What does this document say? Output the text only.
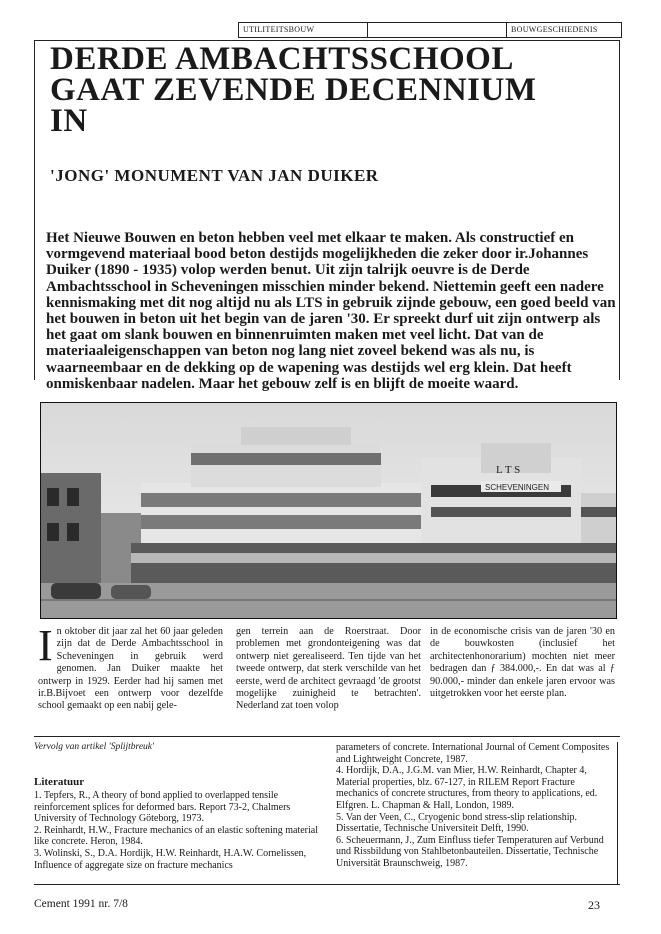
UTILITEITSBOUW	BOUWGESCHIEDENIS
DERDE AMBACHTSSCHOOL
GAAT ZEVENDE DECENNIUM
IN
'JONG' MONUMENT VAN JAN DUIKER
Het Nieuwe Bouwen en beton hebben veel met elkaar te maken. Als constructief en vormgevend materiaal bood beton destijds mogelijkheden die zeker door ir.Johannes Duiker (1890 - 1935) volop werden benut. Uit zijn talrijk oeuvre is de Derde Ambachtsschool in Scheveningen misschien minder bekend. Niettemin geeft een nadere kennismaking met dit nog altijd nu als LTS in gebruik zijnde gebouw, een goed beeld van het bouwen in beton uit het begin van de jaren '30. Er spreekt durf uit zijn ontwerp als het gaat om slank bouwen en binnenruimten maken met veel licht. Dat van de materiaaleigenschappen van beton nog lang niet zoveel bekend was als nu, is waarneembaar en de dekking op de wapening was destijds wel erg klein. Dat heeft onmiskenbaar nadelen. Maar het gebouw zelf is en blijft de moeite waard.
L T S
SCHEVENINGEN
In oktober dit jaar zal het 60 jaar geleden zijn dat de Derde Ambachtsschool in Scheveningen in gebruik werd genomen. Jan Duiker maakte het ontwerp in 1929. Eerder had hij samen met ir.B.Bijvoet een ontwerp voor dezelfde school gemaakt op een nabij gele-
gen terrein aan de Roerstraat. Door problemen met grondonteigening was dat ontwerp niet gerealiseerd. Ten tijde van het tweede ontwerp, dat sterk verschilde van het eerste, werd de architect gevraagd 'de grootst mogelijke zuinigheid te betrachten'. Nederland zat toen volop
in de economische crisis van de jaren '30 en de bouwkosten (inclusief het architectenhonorarium) mochten niet meer bedragen dan ƒ 384.000,-. En dat was al ƒ 90.000,- minder dan enkele jaren ervoor was uitgetrokken voor het eerste plan.
Vervolg van artikel 'Splijtbreuk'
Literatuur
1. Tepfers, R., A theory of bond applied to overlapped tensile reinforcement splices for deformed bars. Report 73-2, Chalmers University of Technology Göteborg, 1973.
2. Reinhardt, H.W., Fracture mechanics of an elastic softening material like concrete. Heron, 1984.
3. Wolinski, S., D.A. Hordijk, H.W. Reinhardt, H.A.W. Cornelissen, Influence of aggregate size on fracture mechanics
parameters of concrete. International Journal of Cement Composites and Lightweight Concrete, 1987.
4. Hordijk, D.A., J.G.M. van Mier, H.W. Reinhardt, Chapter 4, Material properties, blz. 67-127, in RILEM Report Fracture mechanics of concrete structures, from theory to applications, ed. Elfgren. L. Chapman & Hall, London, 1989.
5. Van der Veen, C., Cryogenic bond stress-slip relationship. Dissertatie, Technische Universiteit Delft, 1990.
6. Scheuermann, J., Zum Einfluss tiefer Temperaturen auf Verbund und Rissbildung von Stahlbetonbauteilen. Dissertatie, Technische Universität Braunschweig, 1987.
Cement 1991 nr. 7/8	23
